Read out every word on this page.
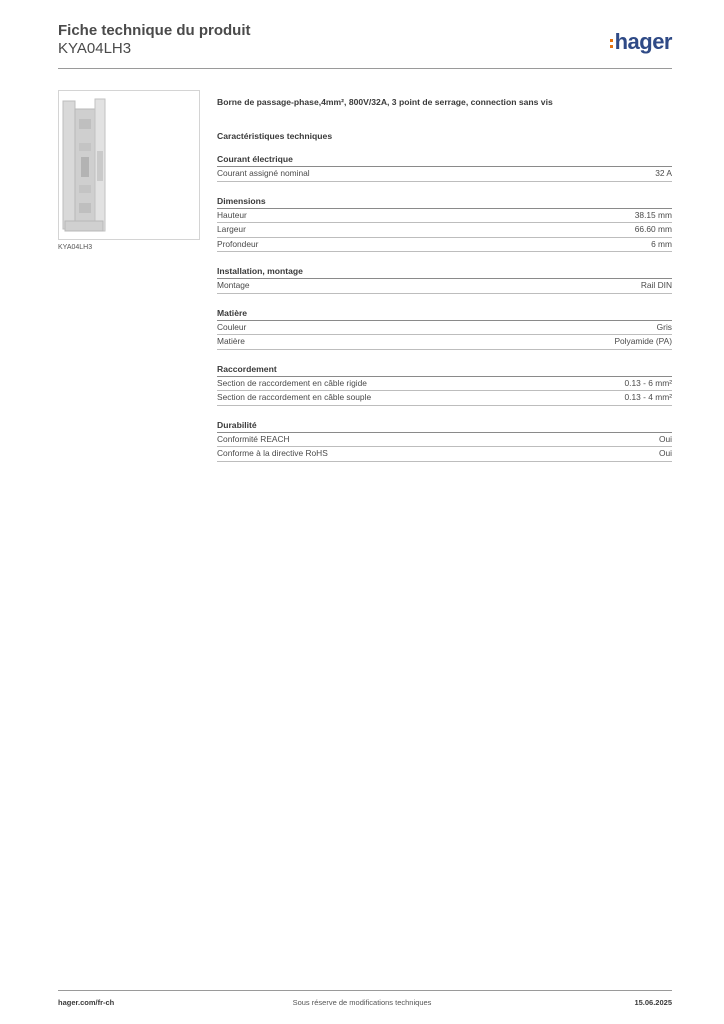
Fiche technique du produit
KYA04LH3	hager
KYA04LH3
Borne de passage-phase,4mm², 800V/32A, 3 point de serrage, connection sans vis
Caractéristiques techniques
Courant électrique
Courant assigné nominal	32 A
Dimensions
Hauteur	38.15 mm
Largeur	66.60 mm
Profondeur	6 mm
Installation, montage
Montage	Rail DIN
Matière
Couleur	Gris
Matière	Polyamide (PA)
Raccordement
Section de raccordement en câble rigide	0.13 - 6 mm²
Section de raccordement en câble souple	0.13 - 4 mm²
Durabilité
Conformité REACH	Oui
Conforme à la directive RoHS	Oui
hager.com/fr-ch	Sous réserve de modifications techniques	15.06.2025
